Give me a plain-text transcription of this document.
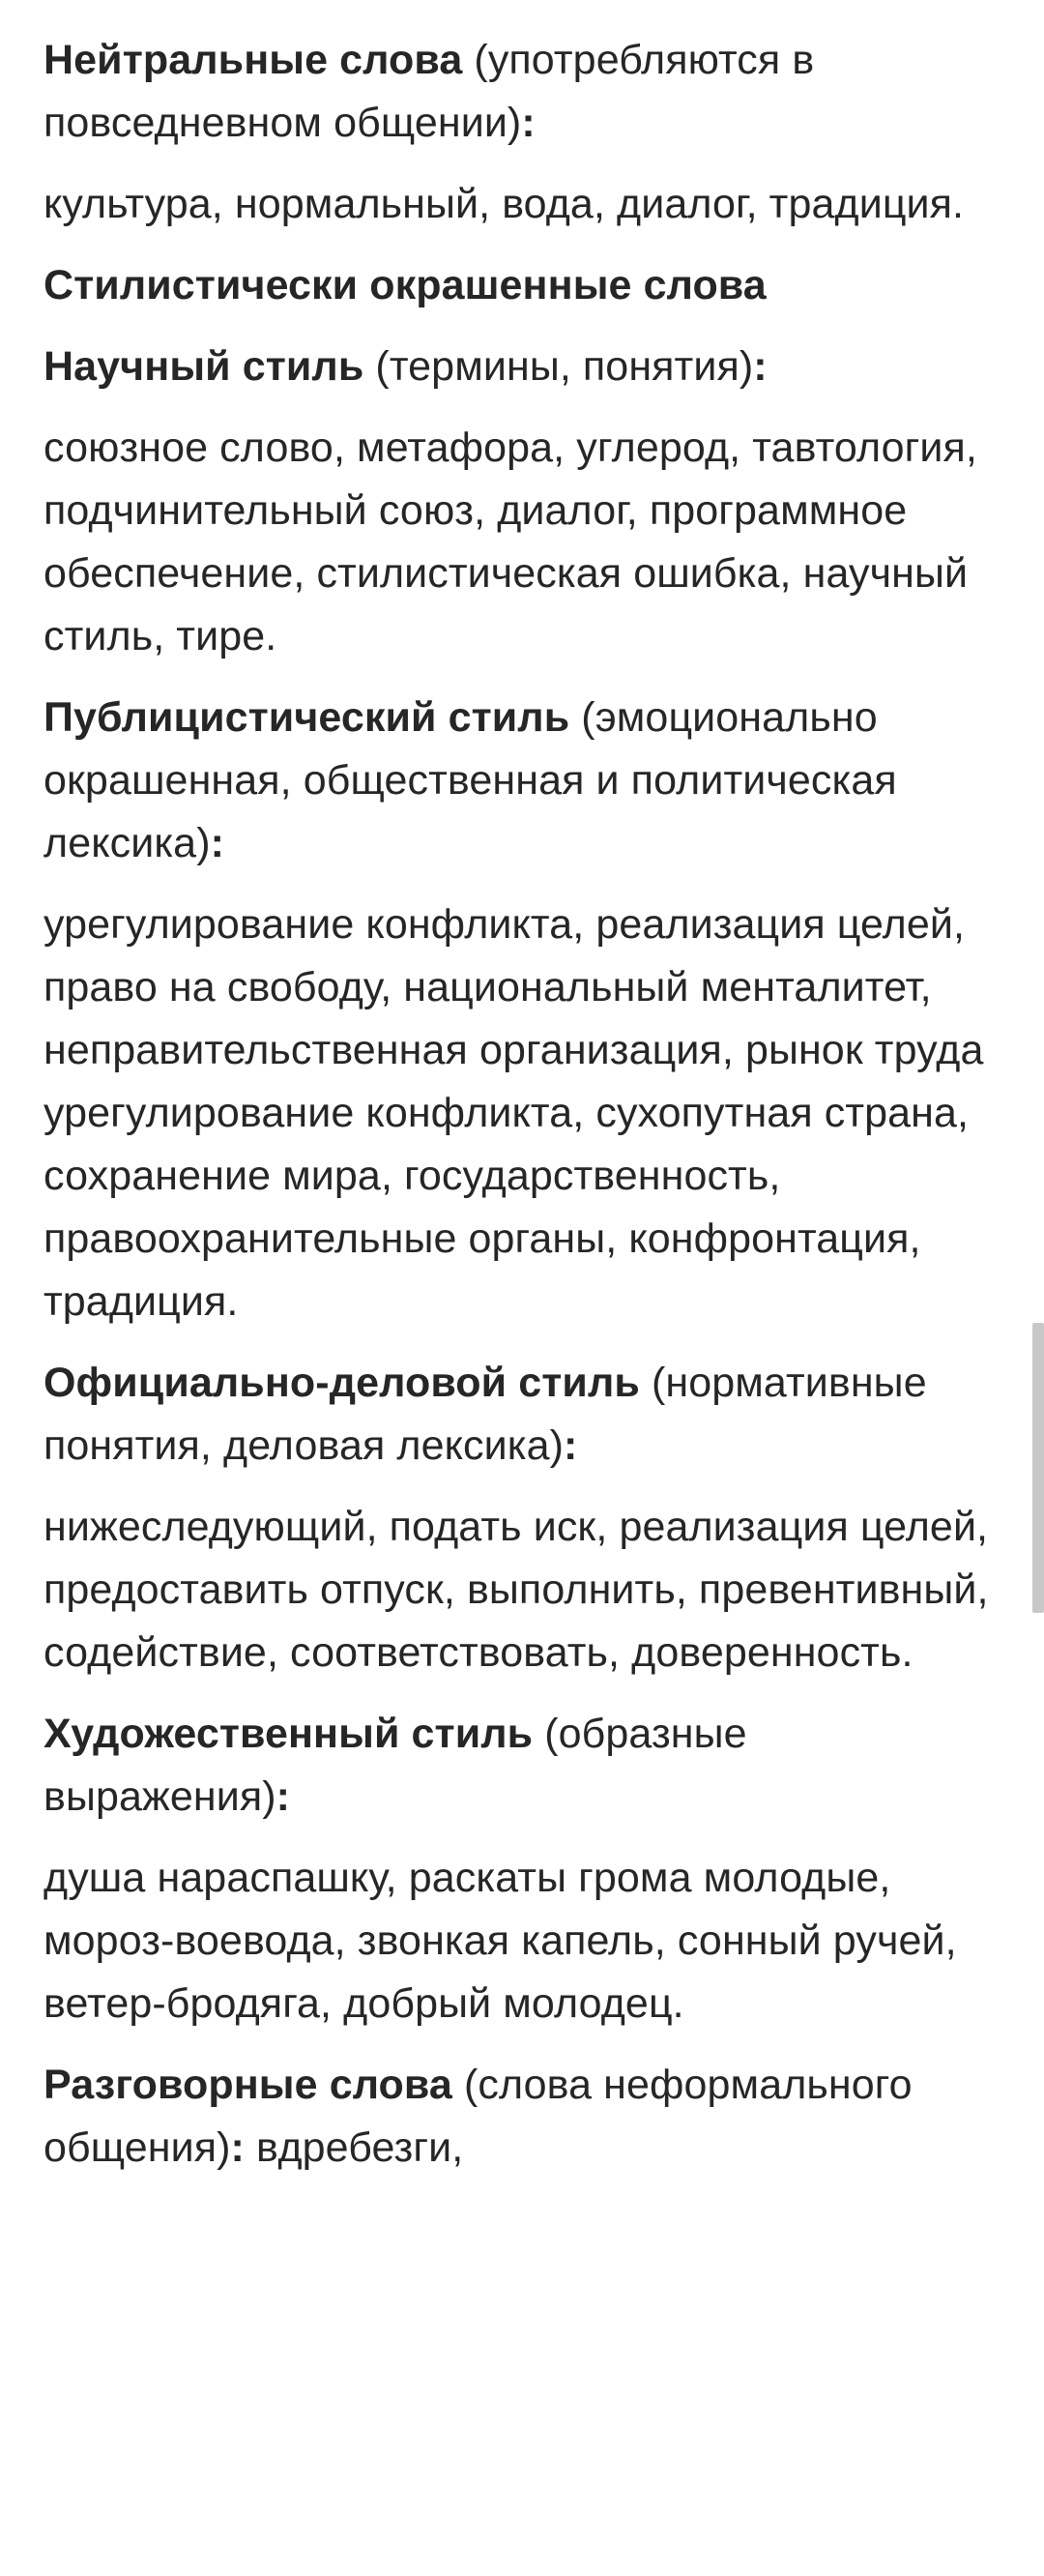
Нейтральные слова (употребляются в повседневном общении):

культура, нормальный, вода, диалог, традиция.

Стилистически окрашенные слова

Научный стиль (термины, понятия):

союзное слово, метафора, углерод, тавтология, подчинительный союз, диалог, программное обеспечение, стилистическая ошибка, научный стиль, тире.

Публицистический стиль (эмоционально окрашенная, общественная и политическая лексика):

урегулирование конфликта, реализация целей, право на свободу, национальный менталитет, неправительственная организация, рынок труда
урегулирование конфликта, сухопутная страна, сохранение мира, государственность, правоохранительные органы, конфронтация, традиция.

Официально-деловой стиль (нормативные понятия, деловая лексика):

нижеследующий, подать иск, реализация целей, предоставить отпуск, выполнить, превентивный, содействие, соответствовать, доверенность.

Художественный стиль (образные выражения):

душа нараспашку, раскаты грома молодые, мороз-воевода, звонкая капель, сонный ручей, ветер-бродяга, добрый молодец.

Разговорные слова (слова неформального общения): вдребезги,
